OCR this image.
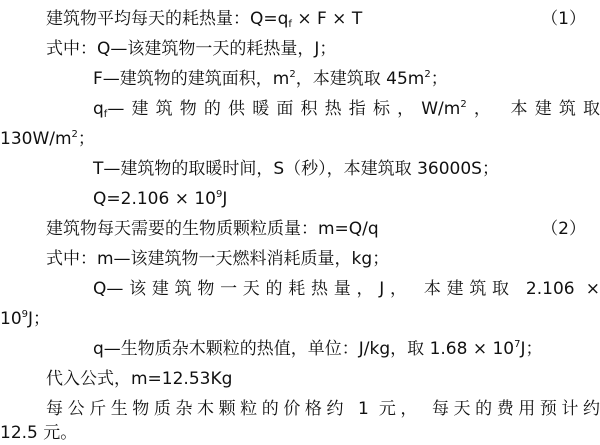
建筑物平均每天的耗热量：$Q=q_f \times F \times T$	（1）
式中：Q—该建筑物一天的耗热量，J；
F—建筑物的建筑面积，$m^2$，本建筑取 $45m^2$；
$q_f—$建筑物的供暖面积热指标，$W/m^2$， 本建筑取
$130W/m^2$；
T—建筑物的取暖时间，S（秒），本建筑取 36000S；
$Q=2.106 \times 10^9J$
建筑物每天需要的生物质颗粒质量：m=Q/q	（2）
式中：m—该建筑物一天燃料消耗质量，kg；
Q—该建筑物一天的耗热量，J， 本建筑取 2.106 ×
$10^9J$；
q—生物质杂木颗粒的热值，单位：J/kg，取 $1.68 \times 10^7J$；
代入公式，m=12.53Kg
每公斤生物质杂木颗粒的价格约 1 元， 每天的费用预计约
12.5 元。
